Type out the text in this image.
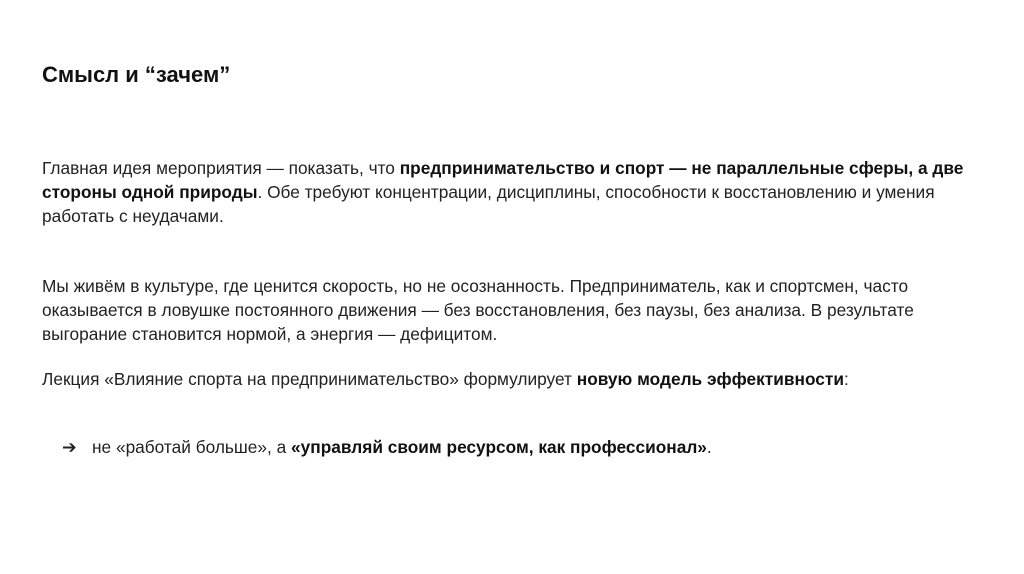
Смысл и “зачем”
Главная идея мероприятия — показать, что предпринимательство и спорт — не параллельные сферы, а две стороны одной природы. Обе требуют концентрации, дисциплины, способности к восстановлению и умения работать с неудачами.
Мы живём в культуре, где ценится скорость, но не осознанность. Предприниматель, как и спортсмен, часто оказывается в ловушке постоянного движения — без восстановления, без паузы, без анализа. В результате выгорание становится нормой, а энергия — дефицитом.
Лекция «Влияние спорта на предпринимательство» формулирует новую модель эффективности:
➔ не «работай больше», а «управляй своим ресурсом, как профессионал».
